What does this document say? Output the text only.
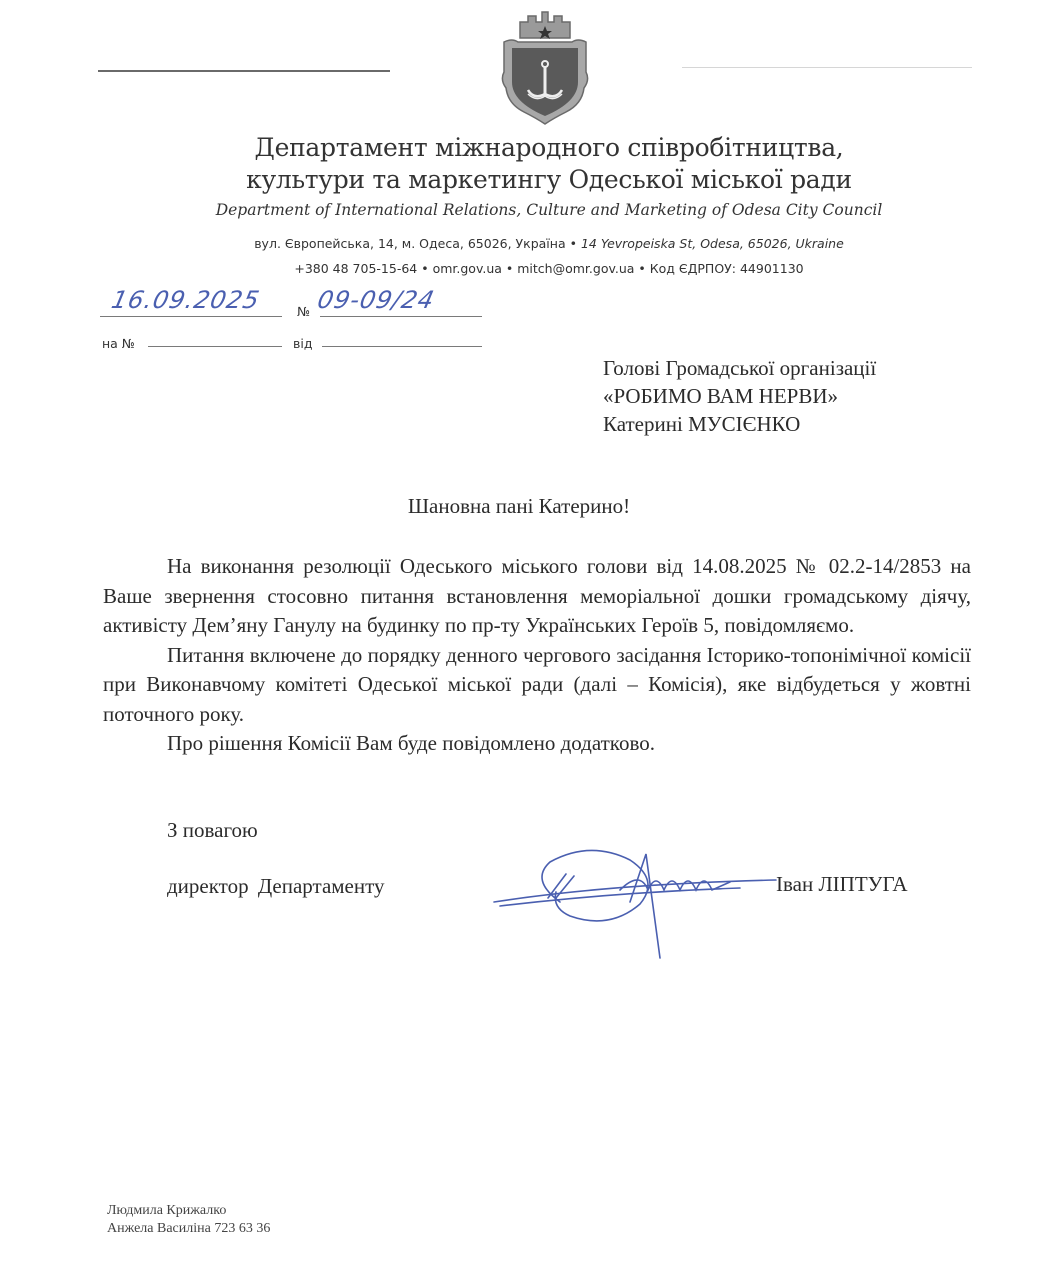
Департамент міжнародного співробітництва,
культури та маркетингу Одеської міської ради
Department of International Relations, Culture and Marketing of Odesa City Council
вул. Європейська, 14, м. Одеса, 65026, Україна • 14 Yevropeiska St, Odesa, 65026, Ukraine
+380 48 705-15-64 • omr.gov.ua • mitch@omr.gov.ua • Код ЄДРПОУ: 44901130
16.09.2025	№ 09-09/24
на №	від
Голові Громадської організації
«РОБИМО ВАМ НЕРВИ»
Катерині МУСІЄНКО
Шановна пані Катерино!

На виконання резолюції Одеського міського голови від 14.08.2025 № 02.2-14/2853 на Ваше звернення стосовно питання встановлення меморіальної дошки громадському діячу, активісту Дем’яну Ганулу на будинку по пр-ту Українських Героїв 5, повідомляємо.

Питання включене до порядку денного чергового засідання Історико-топонімічної комісії при Виконавчому комітеті Одеської міської ради (далі – Комісія), яке відбудеться у жовтні поточного року.

Про рішення Комісії Вам буде повідомлено додатково.

З повагою
директор Департаменту	Іван ЛІПТУГА
Людмила Крижалко
Анжела Василіна 723 63 36
